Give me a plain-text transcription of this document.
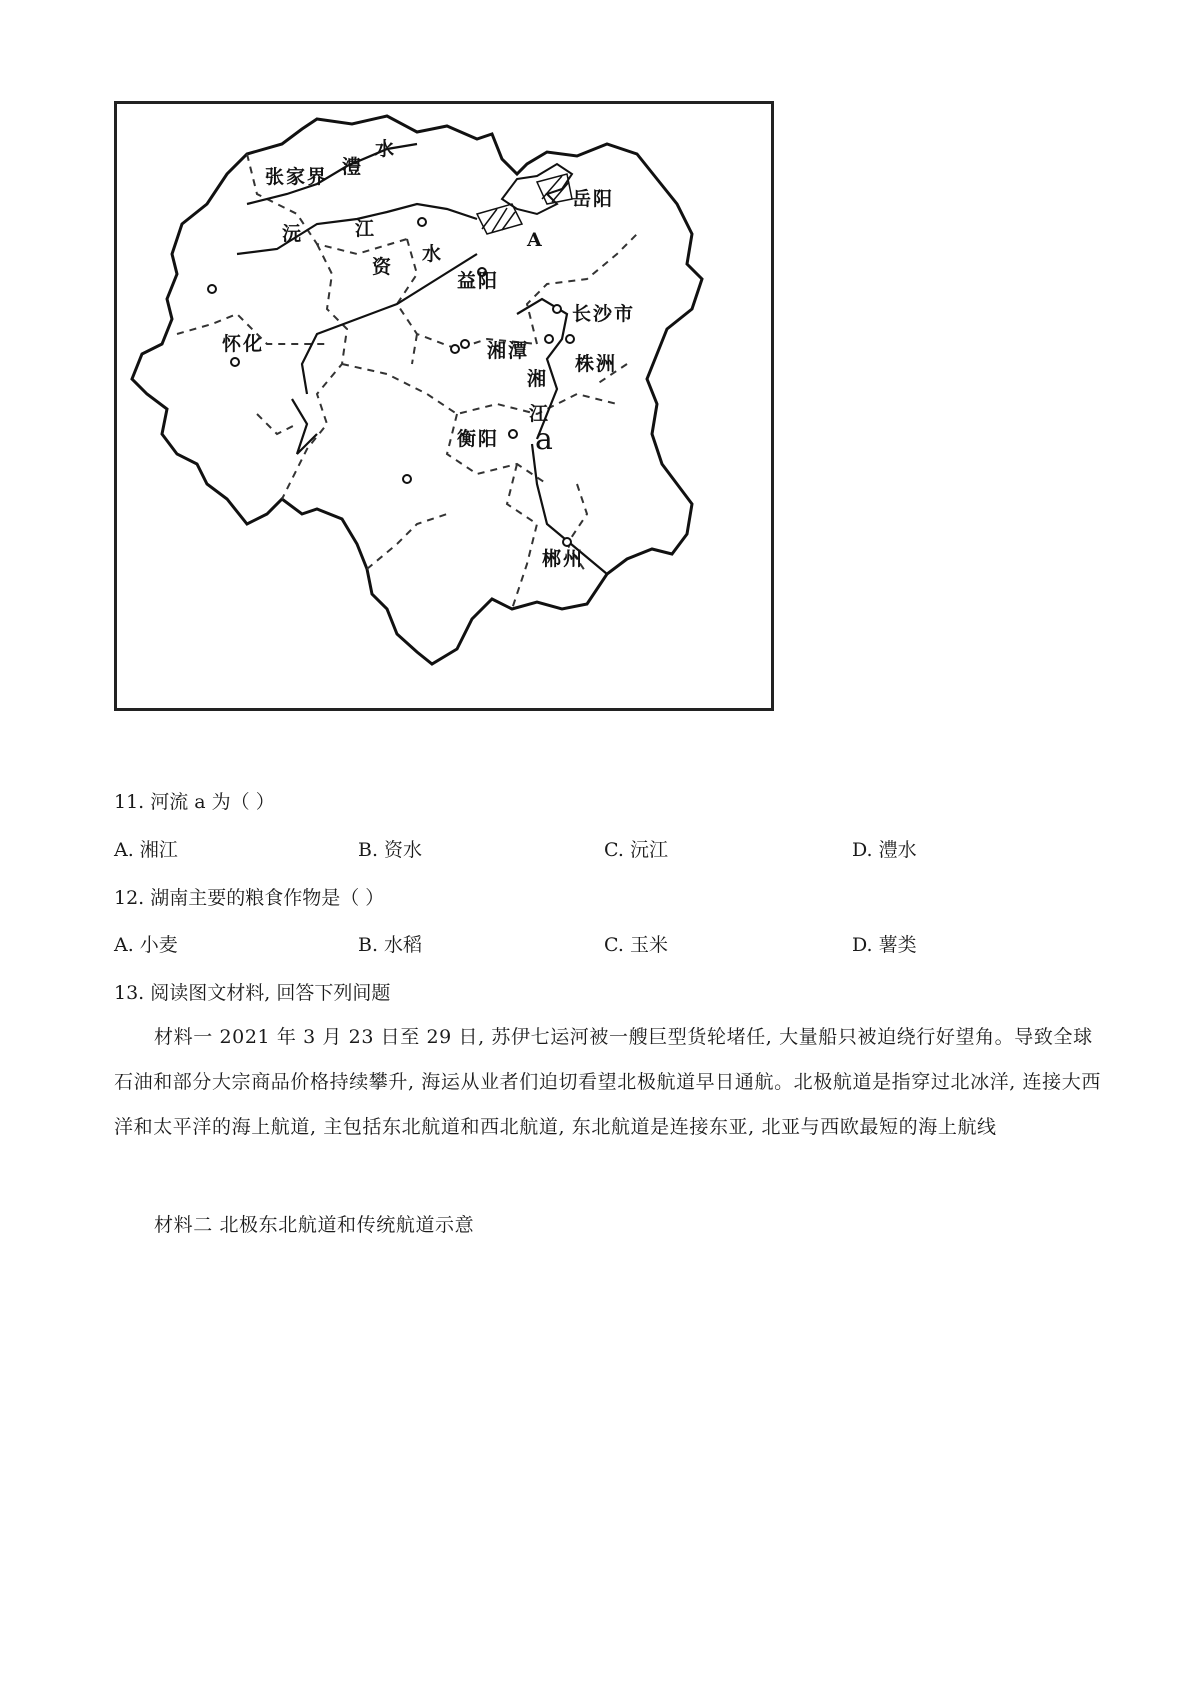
张家界 澧
水
沅	江
资
水
岳阳
A
益阳
长沙市
怀化	湘潭
株洲
湘
江
衡阳 a
郴州
11. 河流 a 为（ ）
A. 湘江	B. 资水	C. 沅江	D. 澧水
12. 湖南主要的粮食作物是（ ）
A. 小麦	B. 水稻	C. 玉米	D. 薯类
13. 阅读图文材料, 回答下列间题
材料一 2021 年 3 月 23 日至 29 日, 苏伊七运河被一艘巨型货轮堵任, 大量船只被迫绕行好望角。导致全球石油和部分大宗商品价格持续攀升, 海运从业者们迫切看望北极航道早日通航。北极航道是指穿过北冰洋, 连接大西洋和太平洋的海上航道, 主包括东北航道和西北航道, 东北航道是连接东亚, 北亚与西欧最短的海上航线
材料二 北极东北航道和传统航道示意
